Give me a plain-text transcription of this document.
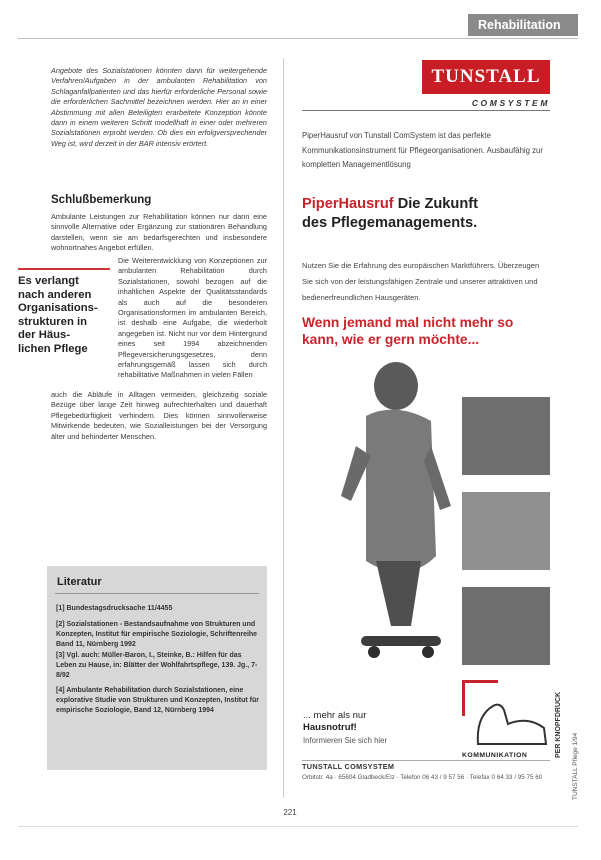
Rehabilitation
Angebote des Sozialstationen könnten dann für weitergehende Verfahren/Aufgaben in der ambulanten Rehabilitation von Schlaganfallpatienten und das hierfür erforderliche Personal sowie die erforderlichen Sachmittel bezeichnen werden. Hier an in einer Abstimmung mit allen Beteiligten erarbeitete Konzeption könnte dann in einem weiteren Schritt modellhaft in einer oder mehreren Sozialstationen erprobt werden. Ob dies ein erfolgversprechender Weg ist, wird derzeit in der BAR intensiv erörtert.
Schlußbemerkung
Ambulante Leistungen zur Rehabilitation können nur dann eine sinnvolle Alternative oder Ergänzung zur stationären Behandlung darstellen, wenn sie am bedarfsgerechten und insbesondere wohnortnahes Angebot erfüllen.
Die Weiterentwicklung von Konzeptionen zur ambulanten Rehabilitation durch Sozialstationen, sowohl bezogen auf die inhaltlichen Aspekte der Qualitätsstandards als auch auf die besonderen Organisationsformen im ambulanten Bereich, ist deshalb eine Aufgabe, die wiederholt angegeben ist. Nicht nur vor dem Hintergrund eines seit 1994 abzeichnenden Pflegeversicherungsgesetzes, denn erfahrungsgemäß lassen sich durch rehabilitative Maßnahmen in vielen Fällen
auch die Abläufe in Alltagen vermeiden, gleichzeitig soziale Bezüge über lange Zeit hinweg aufrechterhalten und dauerhaft Pflegebedürftigkeit verhindern. Dies können sinnvollerweise Mitwirkende bedeuten, wie Sozialleistungen bei der Versorgung älter und behinderter Menschen.
Es verlangt
nach anderen
Organisations-
strukturen in
der Häus-
lichen Pflege
Literatur
[1] Bundestagsdrucksache 11/4455
[2] Sozialstationen - Bestandsaufnahme von Strukturen und Konzepten, Institut für empirische Soziologie, Schriftenreihe Band 11, Nürnberg 1992
[3] Vgl. auch: Müller-Baron, I., Steinke, B.: Hilfen für das Leben zu Hause, in: Blätter der Wohlfahrtspflege, 139. Jg., 7-8/92
[4] Ambulante Rehabilitation durch Sozialstationen, eine explorative Studie von Strukturen und Konzepten, Institut für empirische Soziologie, Band 12, Nürnberg 1994
TUNSTALL
COMSYSTEM
PiperHausruf von Tunstall ComSystem ist das perfekte Kommunikationsinstrument für Pflegeorganisationen. Ausbaufähig zur kompletten Managementlösung
PiperHausruf Die Zukunft
des Pflegemanagements.
Nutzen Sie die Erfahrung des europäischen Marktführers. Überzeugen Sie sich von der leistungsfähigen Zentrale und unserer attraktiven und bedienerfreundlichen Hausgeräten.
Wenn jemand mal nicht mehr so kann, wie er gern möchte...
... mehr als nur
Hausnotruf!
Informieren Sie sich hier
KOMMUNIKATION	PER KNOPFDRUCK
TUNSTALL Pflege 1/94
TUNSTALL COMSYSTEM
Orbitstr. 4a · 65604 Gladbeck/Elz · Telefon 06 43 / 9 57 56 · Telefax 0 64 33 / 95 75 60
221
